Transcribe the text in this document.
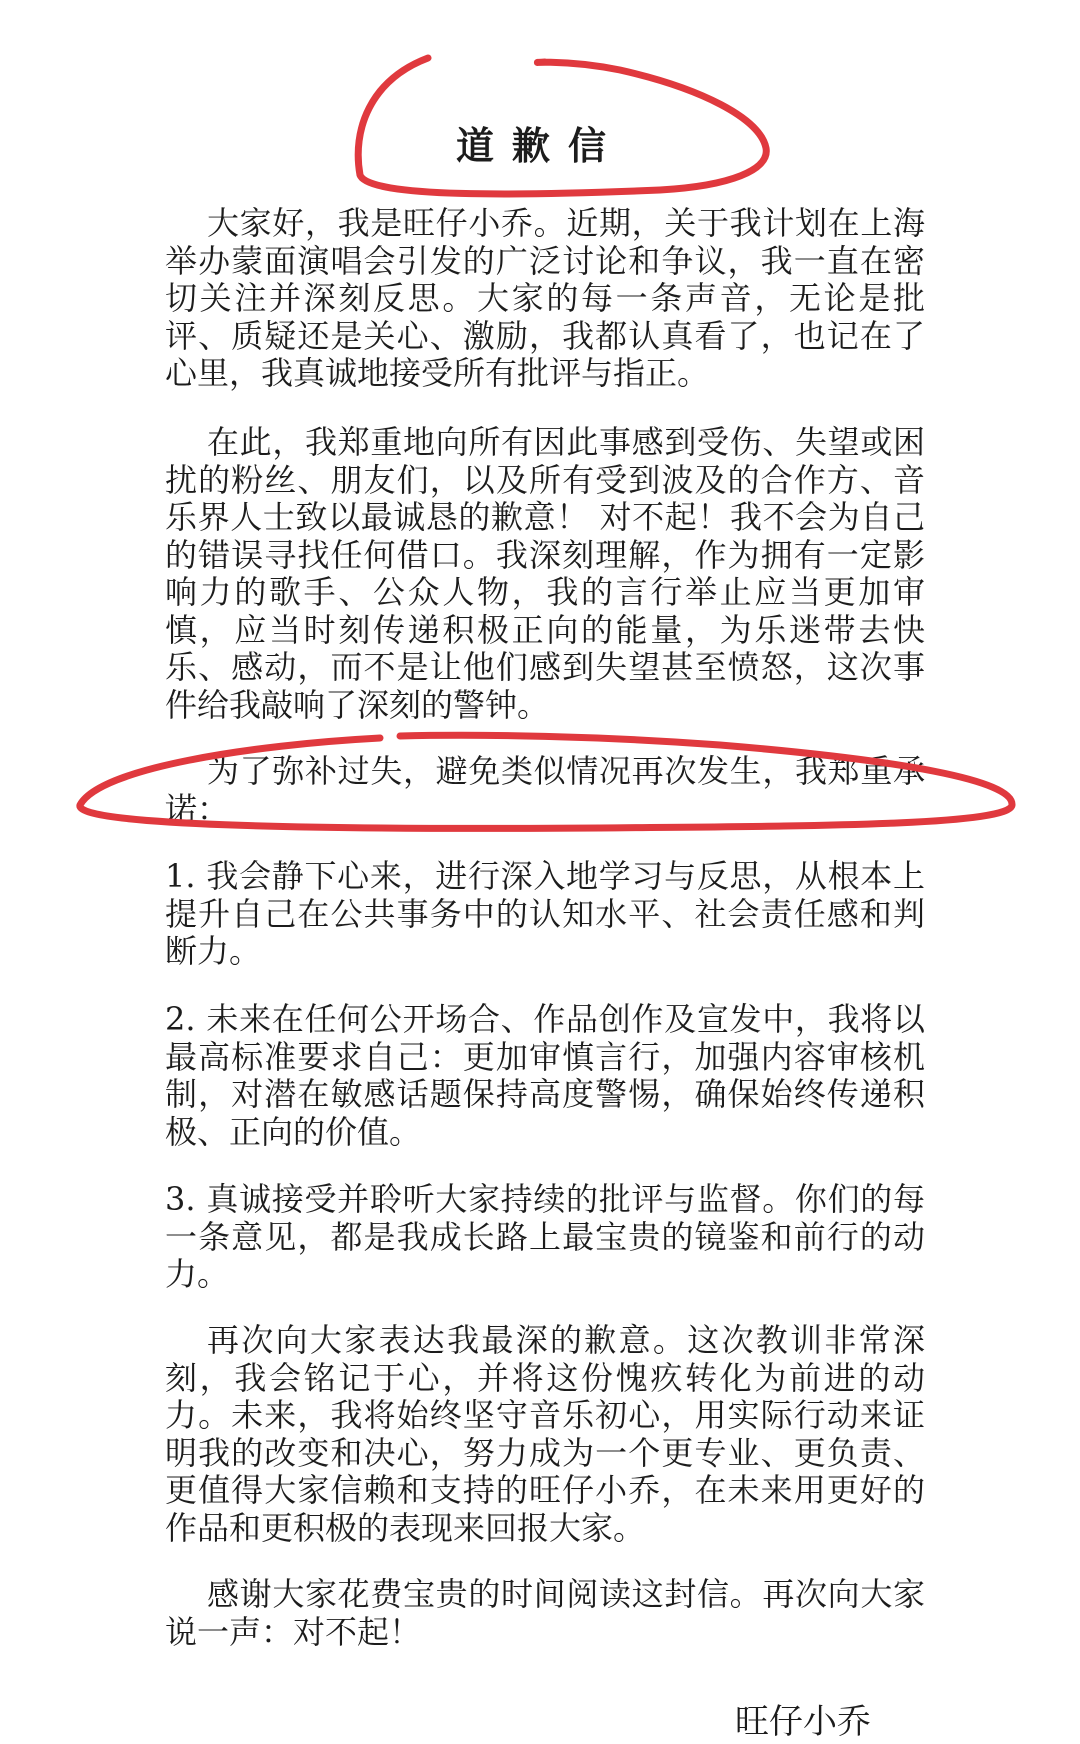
道歉信

大家好，我是旺仔小乔。近期，关于我计划在上海举办蒙面演唱会引发的广泛讨论和争议，我一直在密切关注并深刻反思。大家的每一条声音，无论是批评、质疑还是关心、激励，我都认真看了，也记在了心里，我真诚地接受所有批评与指正。

在此，我郑重地向所有因此事感到受伤、失望或困扰的粉丝、朋友们，以及所有受到波及的合作方、音乐界人士致以最诚恳的歉意！ 对不起！我不会为自己的错误寻找任何借口。我深刻理解，作为拥有一定影响力的歌手、公众人物，我的言行举止应当更加审慎，应当时刻传递积极正向的能量，为乐迷带去快乐、感动，而不是让他们感到失望甚至愤怒，这次事件给我敲响了深刻的警钟。

为了弥补过失，避免类似情况再次发生，我郑重承诺：

1. 我会静下心来，进行深入地学习与反思，从根本上提升自己在公共事务中的认知水平、社会责任感和判断力。

2. 未来在任何公开场合、作品创作及宣发中，我将以最高标准要求自己：更加审慎言行，加强内容审核机制，对潜在敏感话题保持高度警惕，确保始终传递积极、正向的价值。

3. 真诚接受并聆听大家持续的批评与监督。你们的每一条意见，都是我成长路上最宝贵的镜鉴和前行的动力。

再次向大家表达我最深的歉意。这次教训非常深刻，我会铭记于心，并将这份愧疚转化为前进的动力。未来，我将始终坚守音乐初心，用实际行动来证明我的改变和决心，努力成为一个更专业、更负责、更值得大家信赖和支持的旺仔小乔，在未来用更好的作品和更积极的表现来回报大家。

感谢大家花费宝贵的时间阅读这封信。再次向大家说一声：对不起！

旺仔小乔
